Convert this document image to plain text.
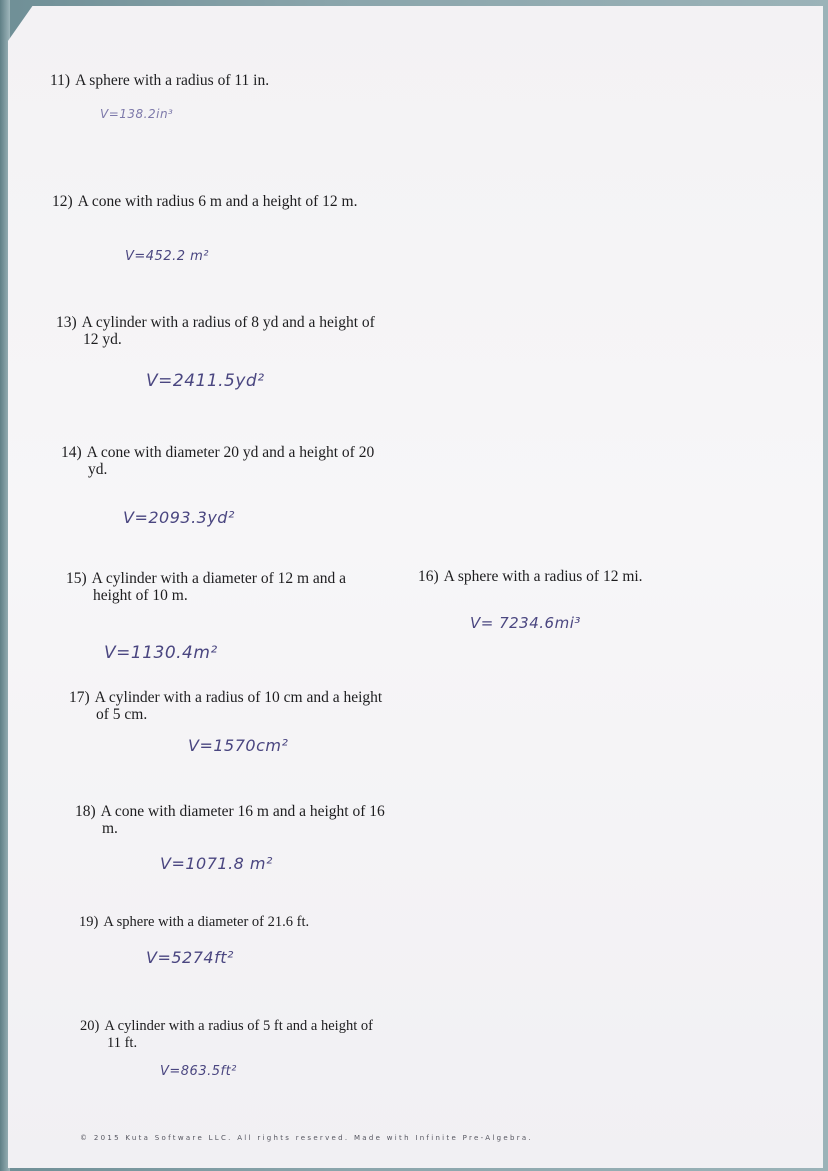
11) A sphere with a radius of 11 in.
V=138.2in³
12) A cone with radius 6 m and a height of 12 m.
V=452.2 m²
13) A cylinder with a radius of 8 yd and a height of
12 yd.
V=2411.5yd²
14) A cone with diameter 20 yd and a height of 20
yd.
V=2093.3yd²
15) A cylinder with a diameter of 12 m and a
height of 10 m.
V=1130.4m²
16) A sphere with a radius of 12 mi.
V= 7234.6mi³
17) A cylinder with a radius of 10 cm and a height
of 5 cm.
V=1570cm²
18) A cone with diameter 16 m and a height of 16
m.
V=1071.8 m²
19) A sphere with a diameter of 21.6 ft.
V=5274ft²
20) A cylinder with a radius of 5 ft and a height of
11 ft.
V=863.5ft²
© 2015 Kuta Software LLC. All rights reserved. Made with Infinite Pre-Algebra.
